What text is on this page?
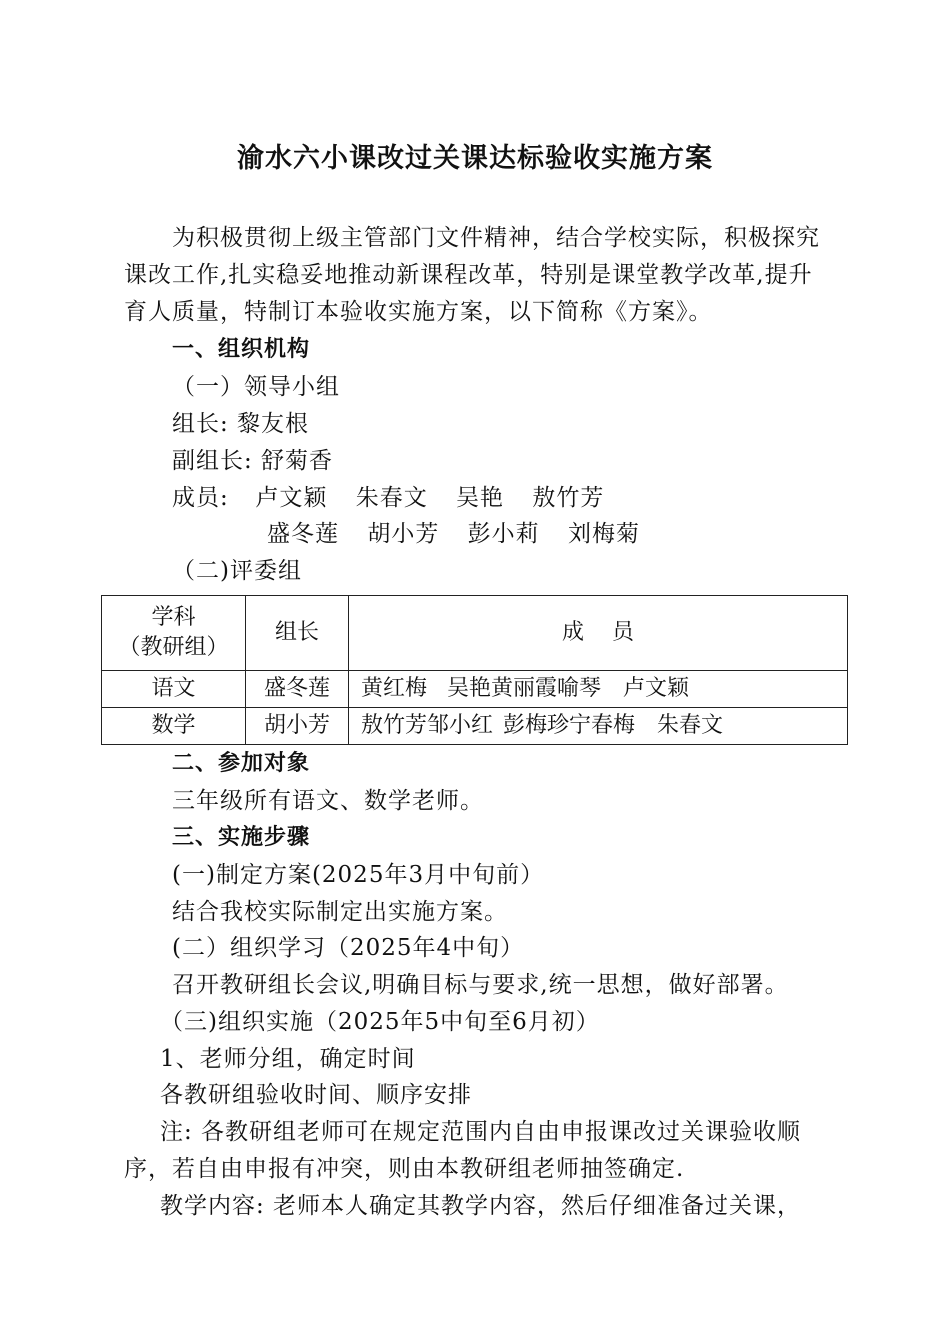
渝水六小课改过关课达标验收实施方案
为积极贯彻上级主管部门文件精神，结合学校实际，积极探究
课改工作,扎实稳妥地推动新课程改革，特别是课堂教学改革,提升
育人质量，特制订本验收实施方案，以下简称《方案》。
一、组织机构
（一）领导小组
组长: 黎友根
副组长: 舒菊香
成员: 卢文颖 朱春文 吴艳 敖竹芳
盛冬莲 胡小芳 彭小莉 刘梅菊
（二)评委组
学科
（教研组）	组长	成    员
语文	盛冬莲	黄红梅 吴艳黄丽霞喻琴 卢文颖
数学	胡小芳	敖竹芳邹小红 彭梅珍宁春梅 朱春文
二、参加对象
三年级所有语文、数学老师。
三、实施步骤
(一)制定方案(2025年3月中旬前）
结合我校实际制定出实施方案。
(二）组织学习（2025年4中旬）
召开教研组长会议,明确目标与要求,统一思想，做好部署。
（三)组织实施（2025年5中旬至6月初）
1、老师分组，确定时间
各教研组验收时间、顺序安排
注: 各教研组老师可在规定范围内自由申报课改过关课验收顺
序，若自由申报有冲突，则由本教研组老师抽签确定.
教学内容: 老师本人确定其教学内容，然后仔细准备过关课，
